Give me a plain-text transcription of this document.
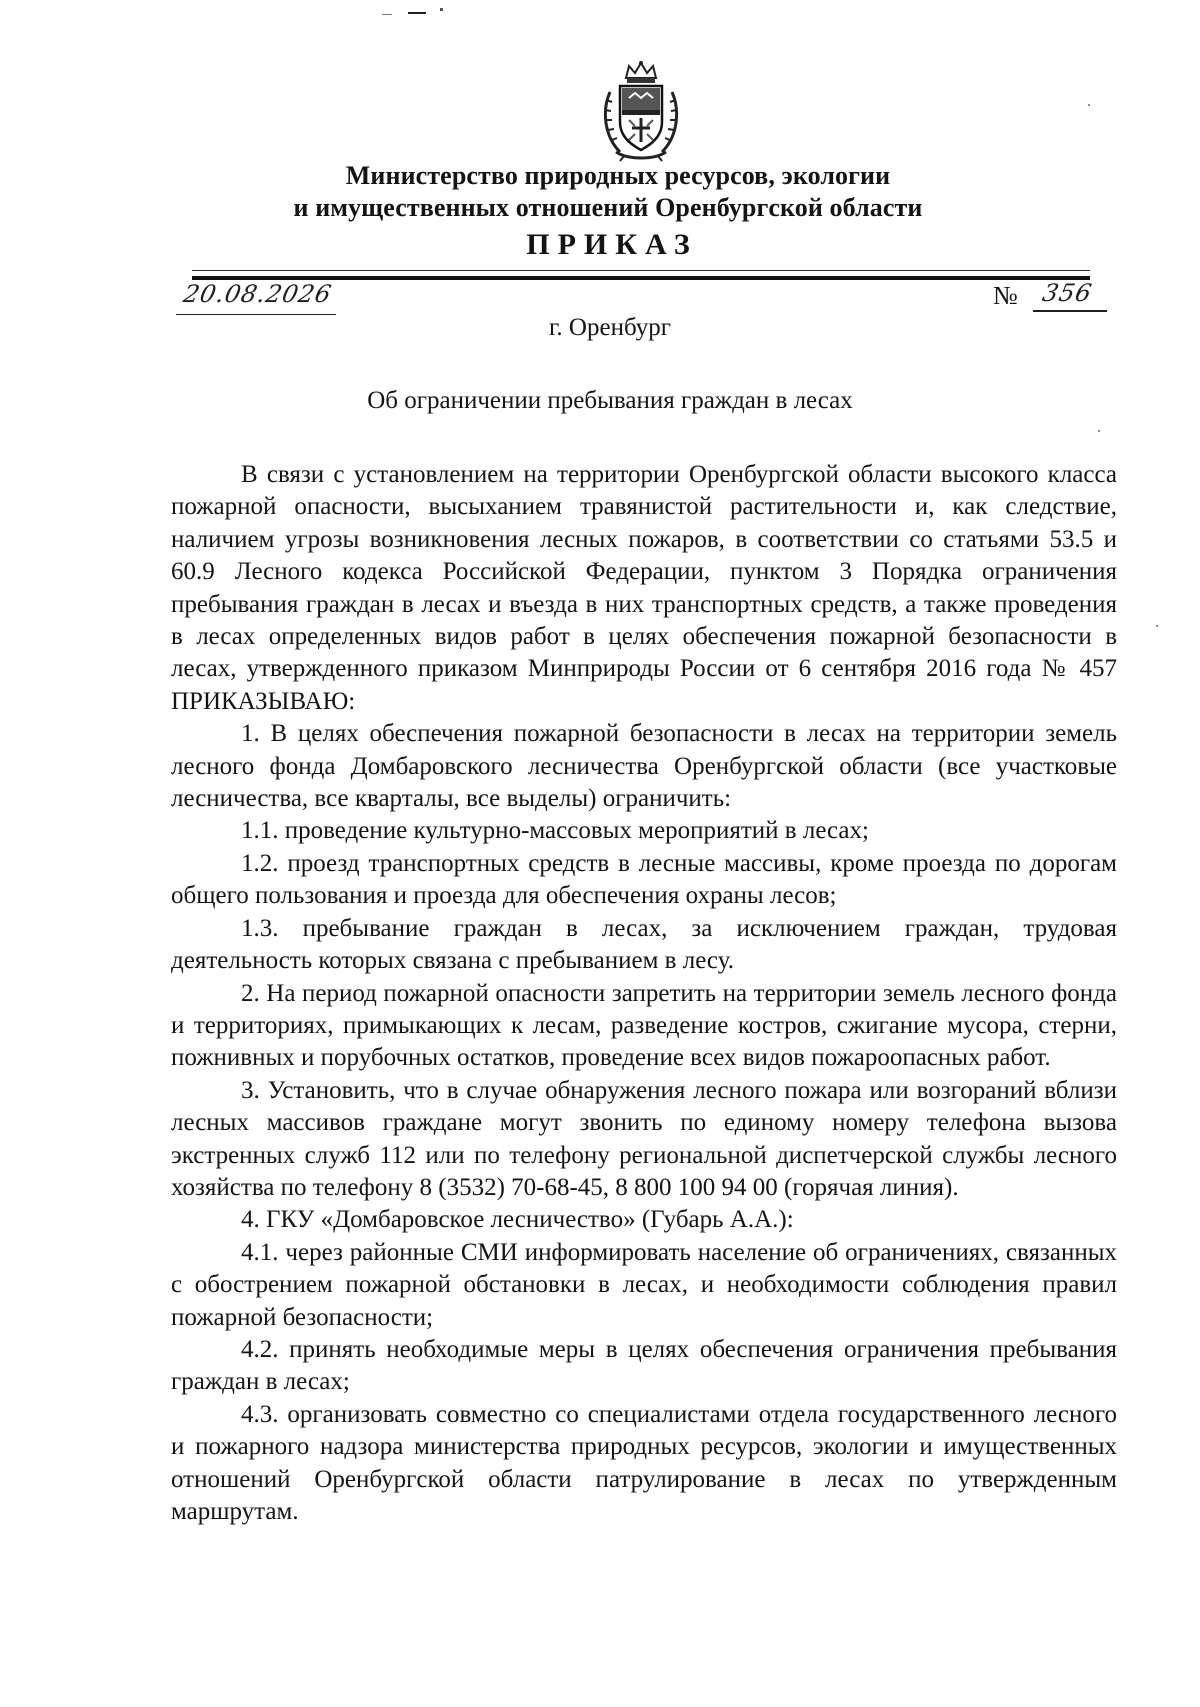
Министерство природных ресурсов, экологии
и имущественных отношений Оренбургской области
ПРИКАЗ
20.08.2026	№ 356
г. Оренбург
Об ограничении пребывания граждан в лесах

В связи с установлением на территории Оренбургской области высокого класса пожарной опасности, высыханием травянистой растительности и, как следствие, наличием угрозы возникновения лесных пожаров, в соответствии со статьями 53.5 и 60.9 Лесного кодекса Российской Федерации, пунктом 3 Порядка ограничения пребывания граждан в лесах и въезда в них транспортных средств, а также проведения в лесах определенных видов работ в целях обеспечения пожарной безопасности в лесах, утвержденного приказом Минприроды России от 6 сентября 2016 года № 457 ПРИКАЗЫВАЮ:

1. В целях обеспечения пожарной безопасности в лесах на территории земель лесного фонда Домбаровского лесничества Оренбургской области (все участковые лесничества, все кварталы, все выделы) ограничить:

1.1. проведение культурно-массовых мероприятий в лесах;

1.2. проезд транспортных средств в лесные массивы, кроме проезда по дорогам общего пользования и проезда для обеспечения охраны лесов;

1.3. пребывание граждан в лесах, за исключением граждан, трудовая деятельность которых связана с пребыванием в лесу.

2. На период пожарной опасности запретить на территории земель лесного фонда и территориях, примыкающих к лесам, разведение костров, сжигание мусора, стерни, пожнивных и порубочных остатков, проведение всех видов пожароопасных работ.

3. Установить, что в случае обнаружения лесного пожара или возгораний вблизи лесных массивов граждане могут звонить по единому номеру телефона вызова экстренных служб 112 или по телефону региональной диспетчерской службы лесного хозяйства по телефону 8 (3532) 70-68-45, 8 800 100 94 00 (горячая линия).

4. ГКУ «Домбаровское лесничество» (Губарь А.А.):

4.1. через районные СМИ информировать население об ограничениях, связанных с обострением пожарной обстановки в лесах, и необходимости соблюдения правил пожарной безопасности;

4.2. принять необходимые меры в целях обеспечения ограничения пребывания граждан в лесах;

4.3. организовать совместно со специалистами отдела государственного лесного и пожарного надзора министерства природных ресурсов, экологии и имущественных отношений Оренбургской области патрулирование в лесах по утвержденным маршрутам.
